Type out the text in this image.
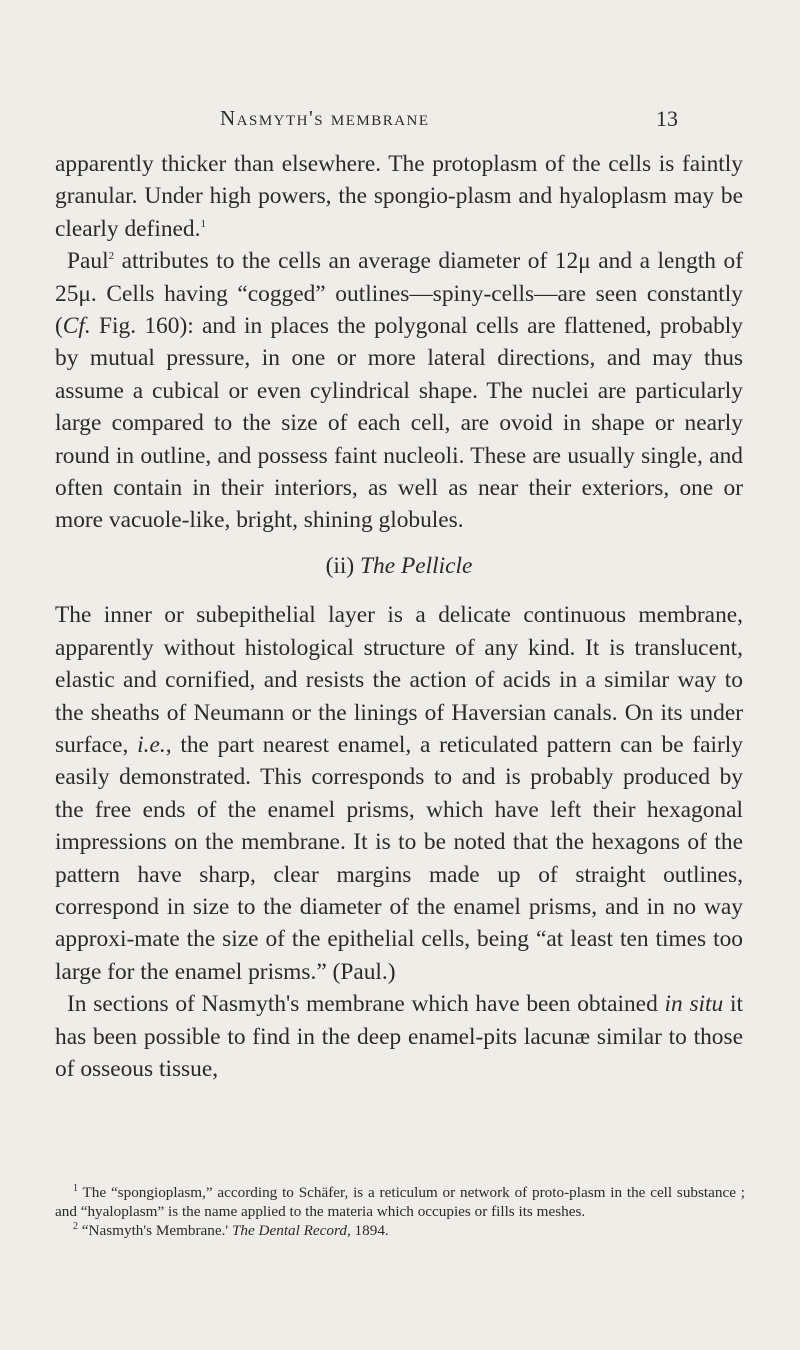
Nasmyth's membrane	13

apparently thicker than elsewhere. The protoplasm of the cells is faintly granular. Under high powers, the spongio-plasm and hyaloplasm may be clearly defined.$^1$

Paul$^2$ attributes to the cells an average diameter of 12μ and a length of 25μ. Cells having “cogged” outlines—spiny-cells—are seen constantly (Cf. Fig. 160): and in places the polygonal cells are flattened, probably by mutual pressure, in one or more lateral directions, and may thus assume a cubical or even cylindrical shape. The nuclei are particularly large compared to the size of each cell, are ovoid in shape or nearly round in outline, and possess faint nucleoli. These are usually single, and often contain in their interiors, as well as near their exteriors, one or more vacuole-like, bright, shining globules.

(ii) The Pellicle

The inner or subepithelial layer is a delicate continuous membrane, apparently without histological structure of any kind. It is translucent, elastic and cornified, and resists the action of acids in a similar way to the sheaths of Neumann or the linings of Haversian canals. On its under surface, i.e., the part nearest enamel, a reticulated pattern can be fairly easily demonstrated. This corresponds to and is probably produced by the free ends of the enamel prisms, which have left their hexagonal impressions on the membrane. It is to be noted that the hexagons of the pattern have sharp, clear margins made up of straight outlines, correspond in size to the diameter of the enamel prisms, and in no way approxi-mate the size of the epithelial cells, being “at least ten times too large for the enamel prisms.” (Paul.)

In sections of Nasmyth's membrane which have been obtained in situ it has been possible to find in the deep enamel-pits lacunæ similar to those of osseous tissue,

$^1$ The “spongioplasm,” according to Schäfer, is a reticulum or network of proto-plasm in the cell substance ; and “hyaloplasm” is the name applied to the materia which occupies or fills its meshes.

$^2$ “Nasmyth's Membrane.' The Dental Record, 1894.
